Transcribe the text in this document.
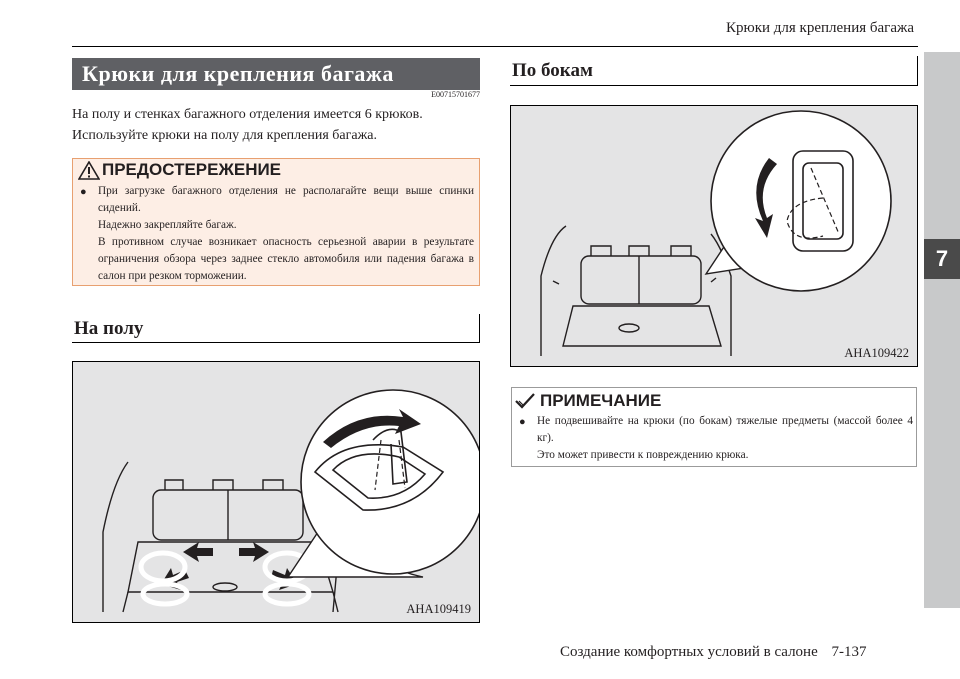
Крюки для крепления багажа
7
Крюки для крепления багажа
E00715701677
На полу и стенках багажного отделения имеется 6 крюков.
Используйте крюки на полу для крепления багажа.
ПРЕДОСТЕРЕЖЕНИЕ
● При загрузке багажного отделения не располагайте вещи выше спинки сидений.
Надежно закрепляйте багаж.
В противном случае возникает опасность серьезной аварии в результате ограничения обзора через заднее стекло автомобиля или падения багажа в салон при резком торможении.
На полу
AHA109419
По бокам
AHA109422
ПРИМЕЧАНИЕ
● Не подвешивайте на крюки (по бокам) тяжелые предметы (массой более 4 кг).
Это может привести к повреждению крюка.
Создание комфортных условий в салоне 7-137
